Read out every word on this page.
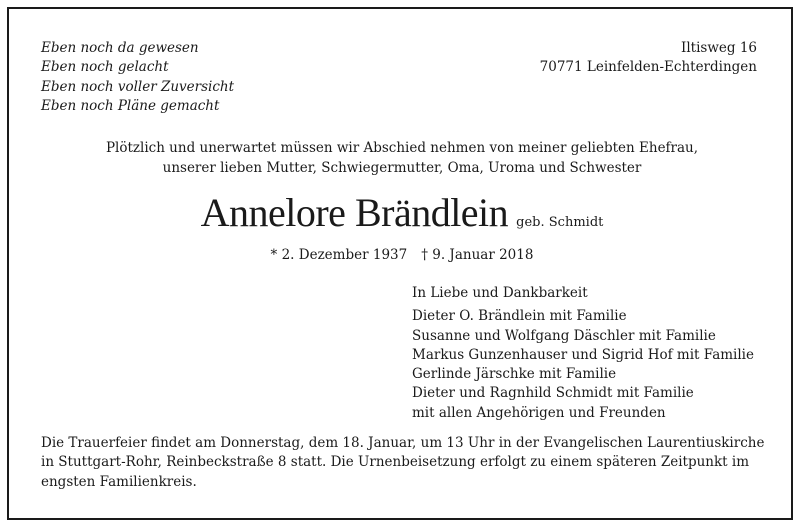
Eben noch da gewesen
Eben noch gelacht
Eben noch voller Zuversicht
Eben noch Pläne gemacht
Iltisweg 16
70771 Leinfelden-Echterdingen
Plötzlich und unerwartet müssen wir Abschied nehmen von meiner geliebten Ehefrau,
unserer lieben Mutter, Schwiegermutter, Oma, Uroma und Schwester
Annelore Brändlein geb. Schmidt
* 2. Dezember 1937 † 9. Januar 2018
In Liebe und Dankbarkeit
Dieter O. Brändlein mit Familie
Susanne und Wolfgang Däschler mit Familie
Markus Gunzenhauser und Sigrid Hof mit Familie
Gerlinde Järschke mit Familie
Dieter und Ragnhild Schmidt mit Familie
mit allen Angehörigen und Freunden
Die Trauerfeier findet am Donnerstag, dem 18. Januar, um 13 Uhr in der Evangelischen Laurentiuskirche
in Stuttgart-Rohr, Reinbeckstraße 8 statt. Die Urnenbeisetzung erfolgt zu einem späteren Zeitpunkt im
engsten Familienkreis.
